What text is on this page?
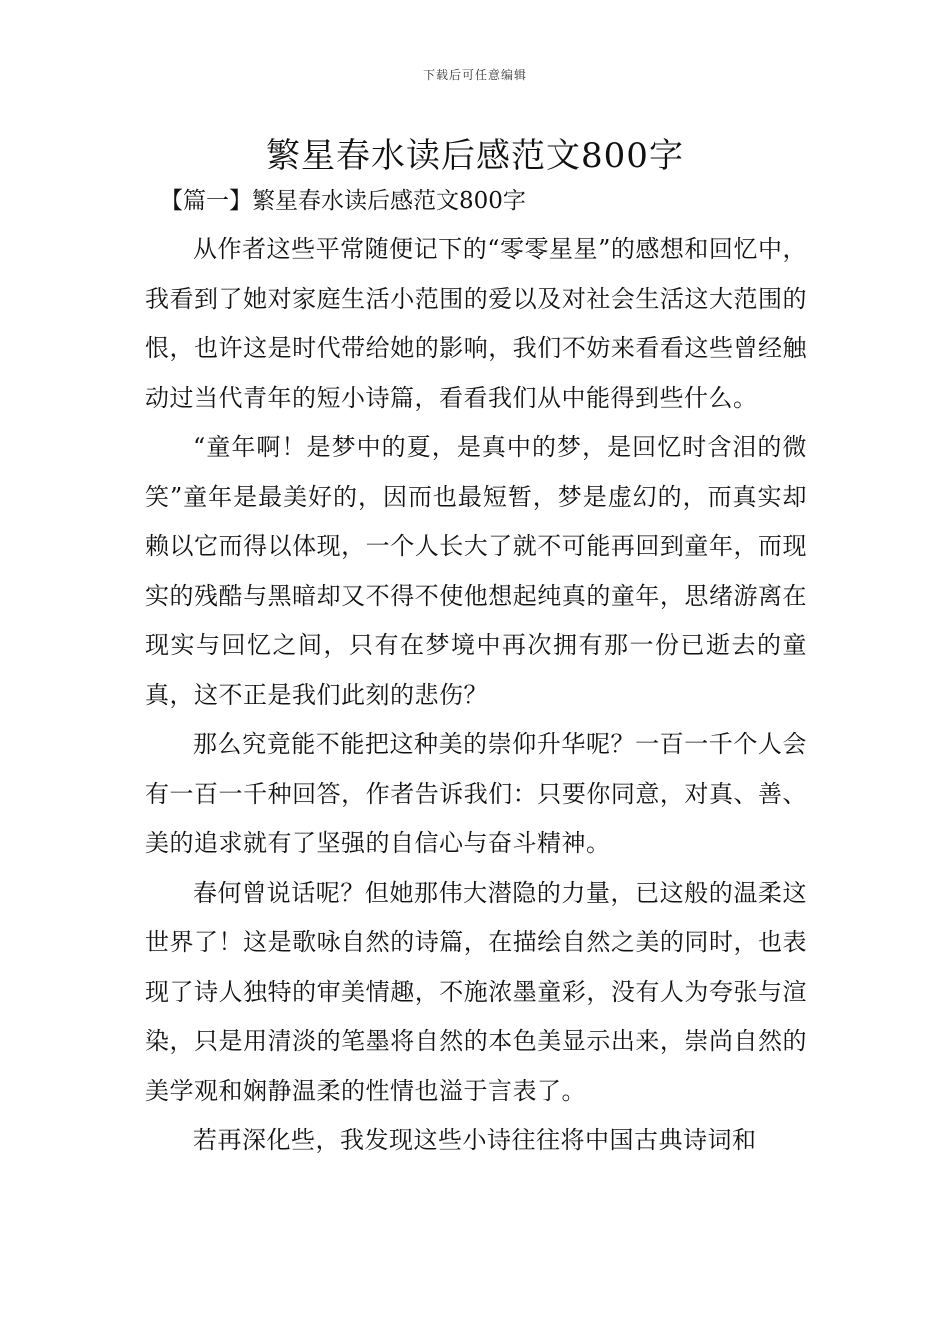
下载后可任意编辑
繁星春水读后感范文800字
【篇一】繁星春水读后感范文800字

从作者这些平常随便记下的“零零星星”的感想和回忆中，我看到了她对家庭生活小范围的爱以及对社会生活这大范围的恨，也许这是时代带给她的影响，我们不妨来看看这些曾经触动过当代青年的短小诗篇，看看我们从中能得到些什么。

“童年啊！是梦中的夏，是真中的梦，是回忆时含泪的微笑”童年是最美好的，因而也最短暂，梦是虚幻的，而真实却赖以它而得以体现，一个人长大了就不可能再回到童年，而现实的残酷与黑暗却又不得不使他想起纯真的童年，思绪游离在现实与回忆之间，只有在梦境中再次拥有那一份已逝去的童真，这不正是我们此刻的悲伤？

那么究竟能不能把这种美的崇仰升华呢？一百一千个人会有一百一千种回答，作者告诉我们：只要你同意，对真、善、美的追求就有了坚强的自信心与奋斗精神。

春何曾说话呢？但她那伟大潜隐的力量，已这般的温柔这世界了！这是歌咏自然的诗篇，在描绘自然之美的同时，也表现了诗人独特的审美情趣，不施浓墨童彩，没有人为夸张与渲染，只是用清淡的笔墨将自然的本色美显示出来，崇尚自然的美学观和娴静温柔的性情也溢于言表了。

若再深化些，我发现这些小诗往往将中国古典诗词和
